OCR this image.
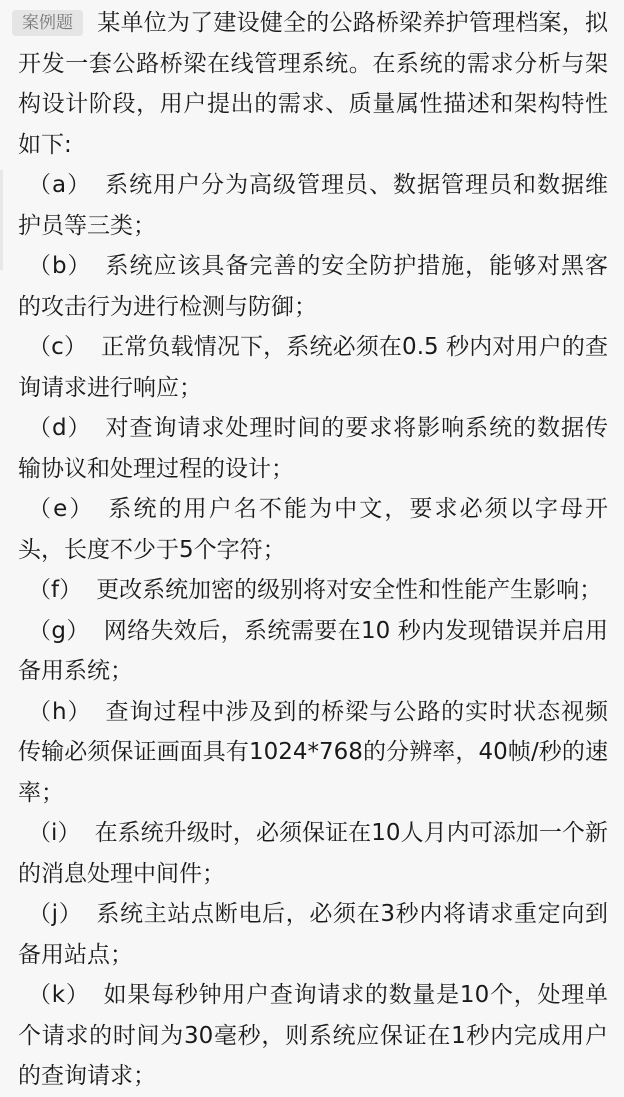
案例题 某单位为了建设健全的公路桥梁养护管理档案，拟开发一套公路桥梁在线管理系统。在系统的需求分析与架构设计阶段，用户提出的需求、质量属性描述和架构特性如下:
（a） 系统用户分为高级管理员、数据管理员和数据维护员等三类；
（b） 系统应该具备完善的安全防护措施，能够对黑客的攻击行为进行检测与防御；
（c） 正常负载情况下，系统必须在0.5 秒内对用户的查询请求进行响应；
（d） 对查询请求处理时间的要求将影响系统的数据传输协议和处理过程的设计；
（e） 系统的用户名不能为中文，要求必须以字母开头，长度不少于5个字符；
（f） 更改系统加密的级别将对安全性和性能产生影响；
（g） 网络失效后，系统需要在10 秒内发现错误并启用备用系统；
（h） 查询过程中涉及到的桥梁与公路的实时状态视频传输必须保证画面具有1024*768的分辨率，40帧/秒的速率；
（i） 在系统升级时，必须保证在10人月内可添加一个新的消息处理中间件；
（j） 系统主站点断电后，必须在3秒内将请求重定向到备用站点；
（k） 如果每秒钟用户查询请求的数量是10个，处理单个请求的时间为30毫秒，则系统应保证在1秒内完成用户的查询请求；
